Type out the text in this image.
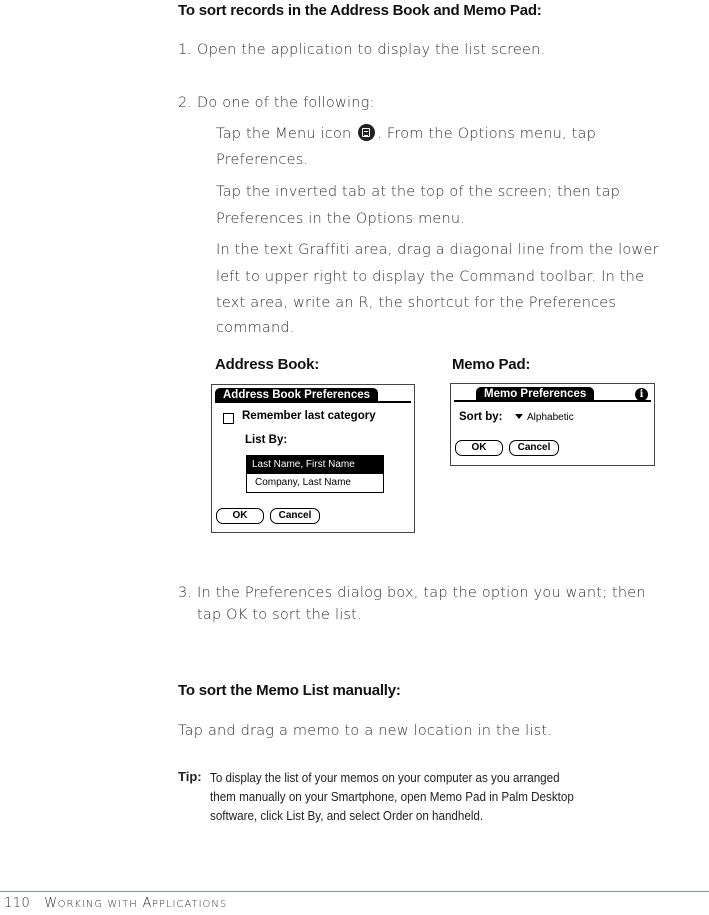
To sort records in the Address Book and Memo Pad:
1. Open the application to display the list screen.
2. Do one of the following:
Tap the Menu icon . From the Options menu, tap
Preferences.
Tap the inverted tab at the top of the screen; then tap
Preferences in the Options menu.
In the text Graffiti area, drag a diagonal line from the lower
left to upper right to display the Command toolbar. In the
text area, write an R, the shortcut for the Preferences
command.
Address Book:	Memo Pad:
Address Book Preferences
Remember last category
List By:
Last Name, First Name
Company, Last Name
OK	Cancel
Memo Preferences	i
Sort by:	Alphabetic
OK	Cancel
3. In the Preferences dialog box, tap the option you want; then
tap OK to sort the list.
To sort the Memo List manually:
Tap and drag a memo to a new location in the list.
Tip: To display the list of your memos on your computer as you arranged
them manually on your Smartphone, open Memo Pad in Palm Desktop
software, click List By, and select Order on handheld.
110 WORKING WITH APPLICATIONS
